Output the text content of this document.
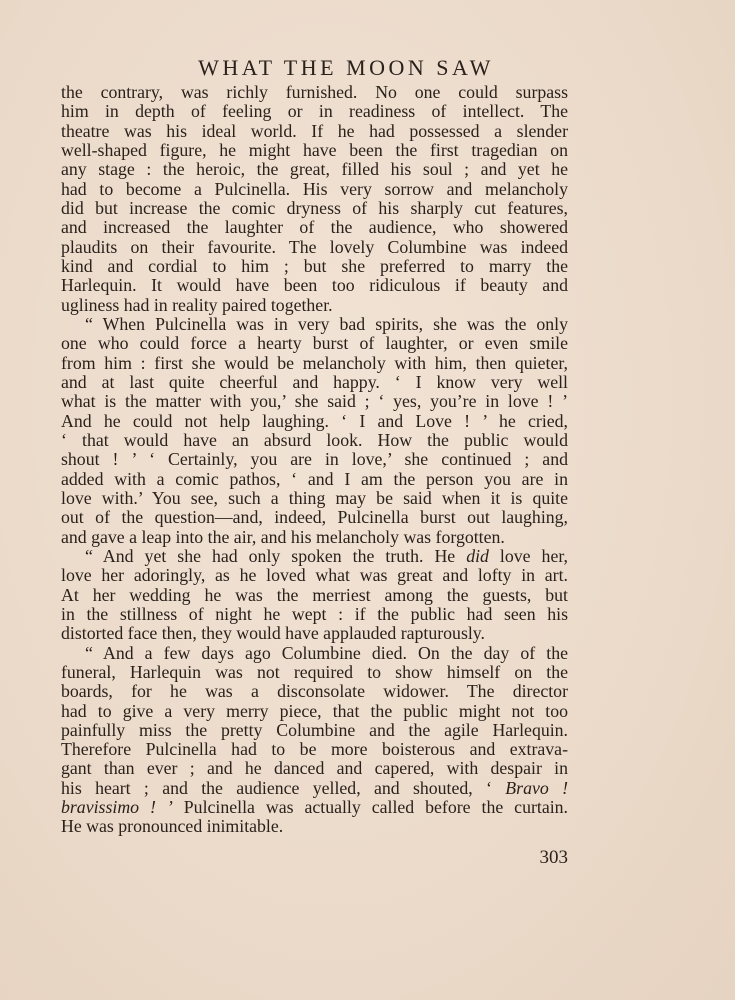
WHAT THE MOON SAW
the contrary, was richly furnished. No one could surpass
him in depth of feeling or in readiness of intellect. The
theatre was his ideal world. If he had possessed a slender
well-shaped figure, he might have been the first tragedian on
any stage : the heroic, the great, filled his soul ; and yet he
had to become a Pulcinella. His very sorrow and melancholy
did but increase the comic dryness of his sharply cut features,
and increased the laughter of the audience, who showered
plaudits on their favourite. The lovely Columbine was indeed
kind and cordial to him ; but she preferred to marry the
Harlequin. It would have been too ridiculous if beauty and
ugliness had in reality paired together.
“ When Pulcinella was in very bad spirits, she was the only
one who could force a hearty burst of laughter, or even smile
from him : first she would be melancholy with him, then quieter,
and at last quite cheerful and happy. ‘ I know very well
what is the matter with you,’ she said ; ‘ yes, you’re in love ! ’
And he could not help laughing. ‘ I and Love ! ’ he cried,
‘ that would have an absurd look. How the public would
shout ! ’ ‘ Certainly, you are in love,’ she continued ; and
added with a comic pathos, ‘ and I am the person you are in
love with.’ You see, such a thing may be said when it is quite
out of the question—and, indeed, Pulcinella burst out laughing,
and gave a leap into the air, and his melancholy was forgotten.
“ And yet she had only spoken the truth. He did love her,
love her adoringly, as he loved what was great and lofty in art.
At her wedding he was the merriest among the guests, but
in the stillness of night he wept : if the public had seen his
distorted face then, they would have applauded rapturously.
“ And a few days ago Columbine died. On the day of the
funeral, Harlequin was not required to show himself on the
boards, for he was a disconsolate widower. The director
had to give a very merry piece, that the public might not too
painfully miss the pretty Columbine and the agile Harlequin.
Therefore Pulcinella had to be more boisterous and extrava-
gant than ever ; and he danced and capered, with despair in
his heart ; and the audience yelled, and shouted, ‘ Bravo !
bravissimo ! ’ Pulcinella was actually called before the curtain.
He was pronounced inimitable.
303
